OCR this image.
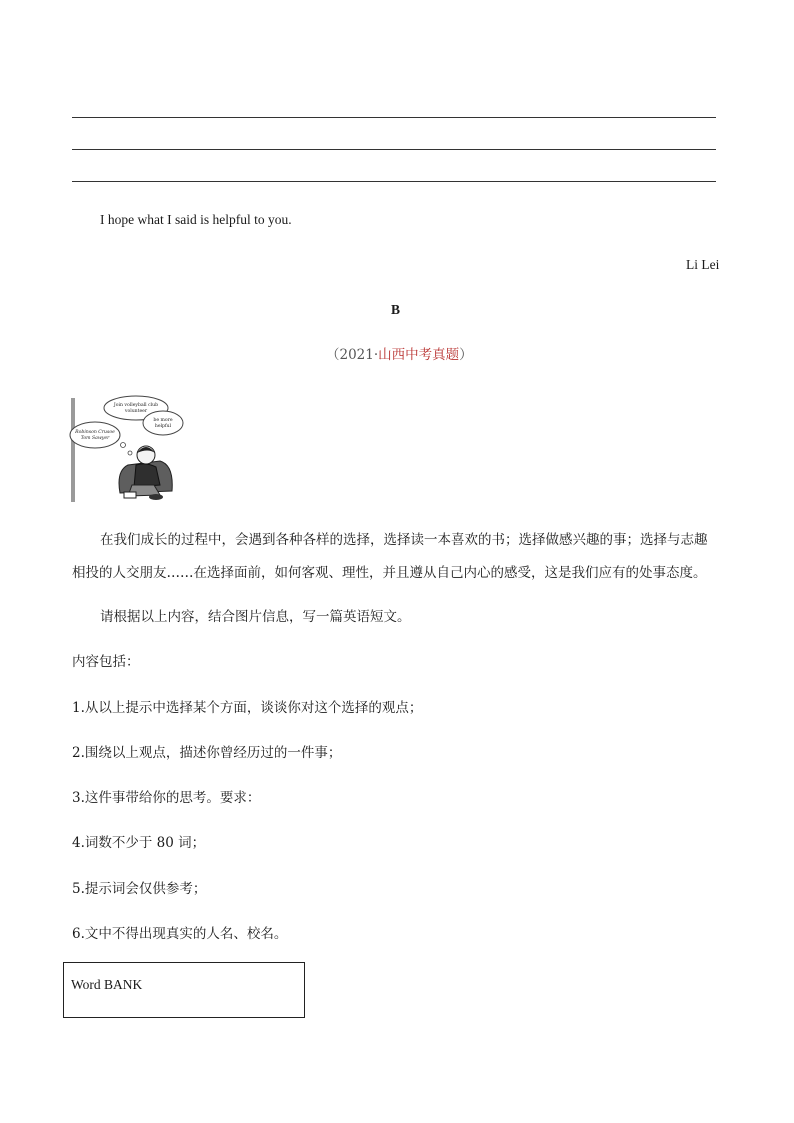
I hope what I said is helpful to you.
Li Lei
B
（2021·山西中考真题）
Join volleyball club
volunteer
Robinson Crusoe
Tom Sawyer
be more
helpful
在我们成长的过程中，会遇到各种各样的选择，选择读一本喜欢的书；选择做感兴趣的事；选择与志趣
相投的人交朋友……在选择面前，如何客观、理性，并且遵从自己内心的感受，这是我们应有的处事态度。
请根据以上内容，结合图片信息，写一篇英语短文。
内容包括：
1.从以上提示中选择某个方面，谈谈你对这个选择的观点；
2.围绕以上观点，描述你曾经历过的一件事；
3.这件事带给你的思考。要求：
4.词数不少于 80 词；
5.提示词会仅供参考；
6.文中不得出现真实的人名、校名。
Word BANK
